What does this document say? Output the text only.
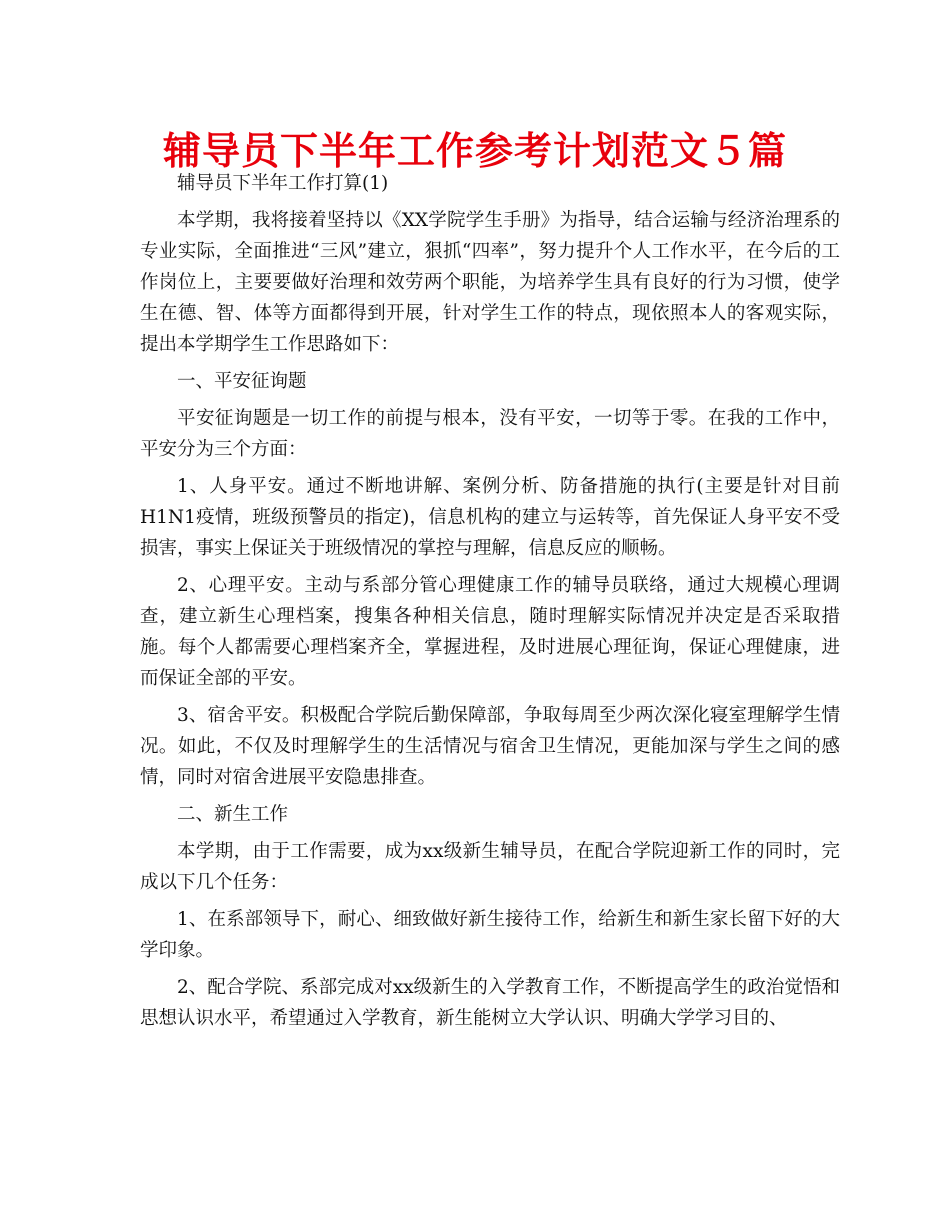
辅导员下半年工作参考计划范文５篇

辅导员下半年工作打算(1)

本学期，我将接着坚持以《XX学院学生手册》为指导，结合运输与经济治理系的专业实际，全面推进“三风”建立，狠抓“四率”，努力提升个人工作水平，在今后的工作岗位上，主要要做好治理和效劳两个职能，为培养学生具有良好的行为习惯，使学生在德、智、体等方面都得到开展，针对学生工作的特点，现依照本人的客观实际，提出本学期学生工作思路如下：

一、平安征询题

平安征询题是一切工作的前提与根本，没有平安，一切等于零。在我的工作中，平安分为三个方面：

1、人身平安。通过不断地讲解、案例分析、防备措施的执行(主要是针对目前H1N1疫情，班级预警员的指定)，信息机构的建立与运转等，首先保证人身平安不受损害，事实上保证关于班级情况的掌控与理解，信息反应的顺畅。

2、心理平安。主动与系部分管心理健康工作的辅导员联络，通过大规模心理调查，建立新生心理档案，搜集各种相关信息，随时理解实际情况并决定是否采取措施。每个人都需要心理档案齐全，掌握进程，及时进展心理征询，保证心理健康，进而保证全部的平安。

3、宿舍平安。积极配合学院后勤保障部，争取每周至少两次深化寝室理解学生情况。如此，不仅及时理解学生的生活情况与宿舍卫生情况，更能加深与学生之间的感情，同时对宿舍进展平安隐患排查。

二、新生工作

本学期，由于工作需要，成为xx级新生辅导员，在配合学院迎新工作的同时，完成以下几个任务：

1、在系部领导下，耐心、细致做好新生接待工作，给新生和新生家长留下好的大学印象。

2、配合学院、系部完成对xx级新生的入学教育工作，不断提高学生的政治觉悟和思想认识水平，希望通过入学教育，新生能树立大学认识、明确大学学习目的、
